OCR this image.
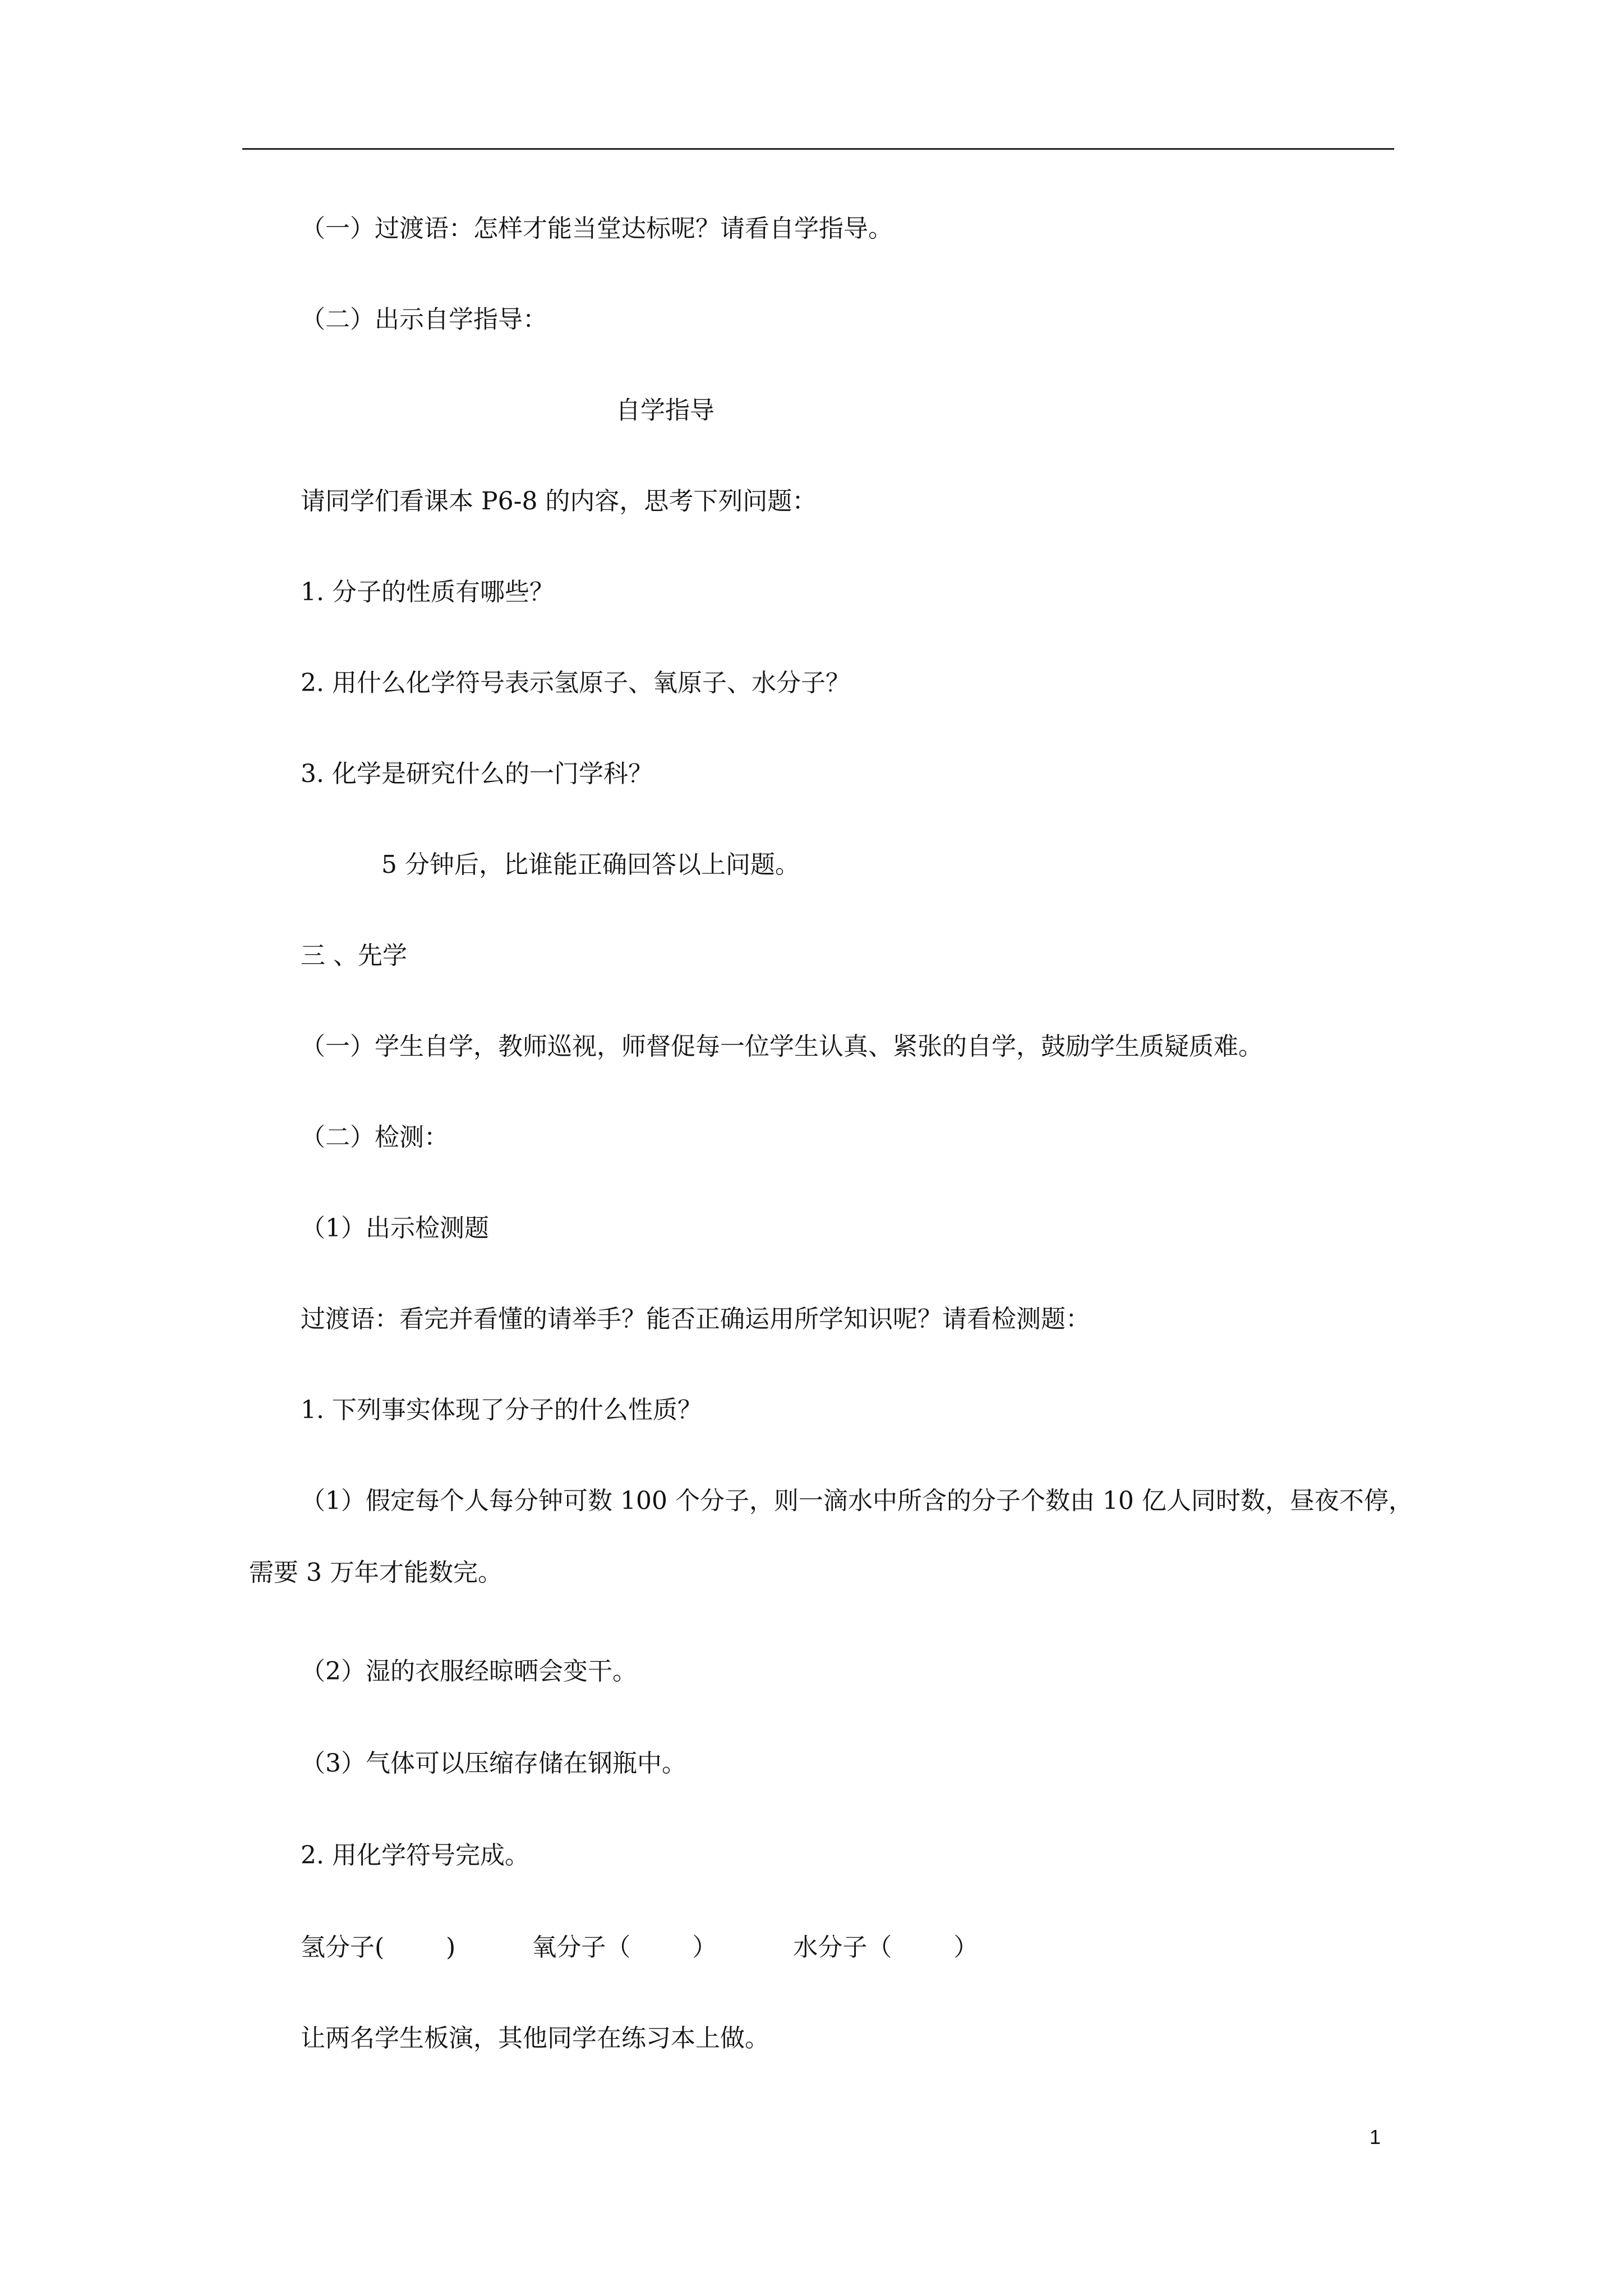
（一）过渡语：怎样才能当堂达标呢？请看自学指导。

（二）出示自学指导：

自学指导

请同学们看课本 P6-8 的内容，思考下列问题：

1. 分子的性质有哪些？

2. 用什么化学符号表示氢原子、氧原子、水分子？

3. 化学是研究什么的一门学科？

5 分钟后，比谁能正确回答以上问题。

三 、先学

（一）学生自学，教师巡视，师督促每一位学生认真、紧张的自学，鼓励学生质疑质难。

（二）检测：

（1）出示检测题

过渡语：看完并看懂的请举手？能否正确运用所学知识呢？请看检测题：

1. 下列事实体现了分子的什么性质？

（1）假定每个人每分钟可数 100 个分子，则一滴水中所含的分子个数由 10 亿人同时数，昼夜不停，

需要 3 万年才能数完。

（2）湿的衣服经晾晒会变干。

（3）气体可以压缩存储在钢瓶中。

2. 用化学符号完成。

氢分子(	)	氧分子（	）	水分子（	）

让两名学生板演，其他同学在练习本上做。

1
